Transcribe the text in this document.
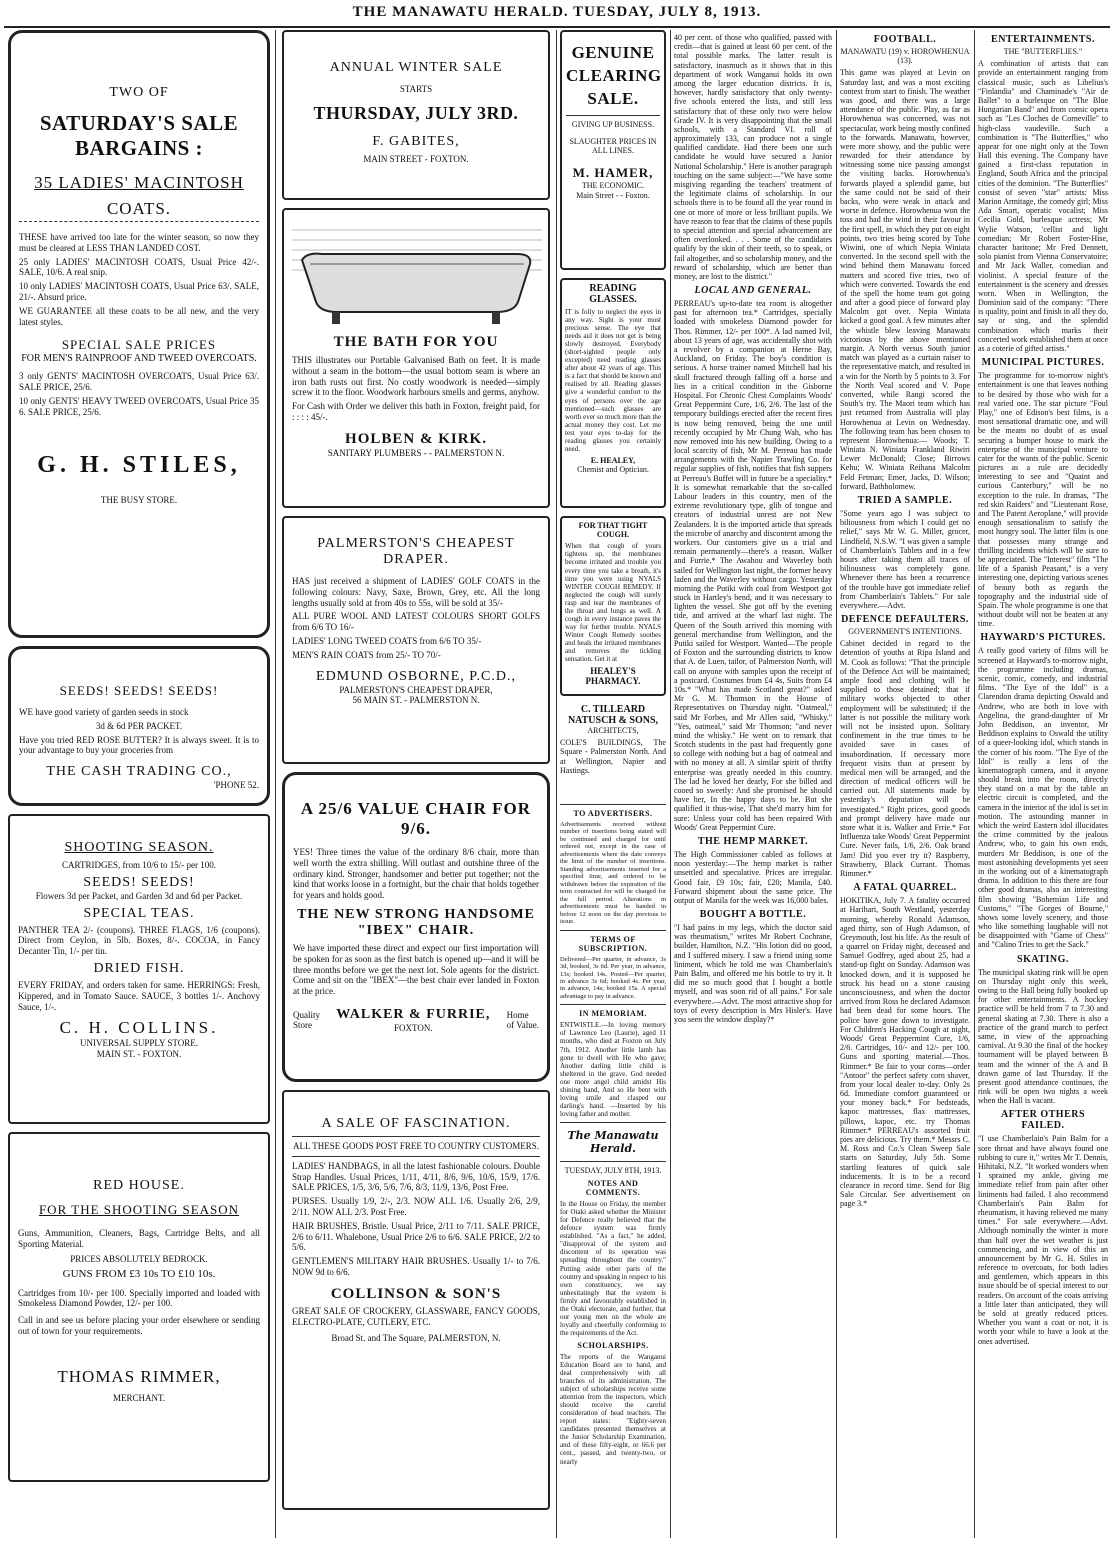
THE MANAWATU HERALD. TUESDAY, JULY 8, 1913.
TWO OF
SATURDAY'S SALE BARGAINS :
35 LADIES' MACINTOSH
COATS.

THESE have arrived too late for the winter season, so now they must be cleared at LESS THAN LANDED COST.

25 only LADIES' MACINTOSH COATS, Usual Price 42/-. SALE, 10/6. A real snip.

10 only LADIES' MACINTOSH COATS, Usual Price 63/. SALE, 21/-. Absurd price.

WE GUARANTEE all these coats to be all new, and the very latest styles.

SPECIAL SALE PRICES
FOR MEN'S RAINPROOF AND TWEED OVERCOATS.

3 only GENTS' MACINTOSH OVERCOATS, Usual Price 63/. SALE PRICE, 25/6.

10 only GENTS' HEAVY TWEED OVERCOATS, Usual Price 35 6. SALE PRICE, 25/6.

G. H. STILES,
THE BUSY STORE.
SEEDS! SEEDS! SEEDS!

WE have good variety of garden seeds in stock

3d & 6d PER PACKET.

Have you tried RED ROSE BUTTER? It is always sweet. It is to your advantage to buy your groceries from

THE CASH TRADING CO.,
'PHONE 52.
SHOOTING SEASON.
CARTRIDGES, from 10/6 to 15/- per 100.
SEEDS! SEEDS!
Flowers 3d per Packet, and Garden 3d and 6d per Packet.
SPECIAL TEAS.

PANTHER TEA 2/- (coupons). THREE FLAGS, 1/6 (coupons). Direct from Ceylon, in 5lb. Boxes, 8/-. COCOA, in Fancy Decanter Tin, 1/- per tin.

DRIED FISH.

EVERY FRIDAY, and orders taken for same. HERRINGS: Fresh, Kippered, and in Tomato Sauce. SAUCE, 3 bottles 1/-. Anchovy Sauce, 1/-.

C. H. COLLINS.
UNIVERSAL SUPPLY STORE.
MAIN ST. - FOXTON.
RED HOUSE.
FOR THE SHOOTING SEASON

Guns, Ammunition, Cleaners, Bags, Cartridge Belts, and all Sporting Material.

PRICES ABSOLUTELY BEDROCK.
GUNS FROM £3 10s TO £10 10s.

Cartridges from 10/- per 100. Specially imported and loaded with Smokeless Diamond Powder, 12/- per 100.

Call in and see us before placing your order elsewhere or sending out of town for your requirements.

THOMAS RIMMER,
MERCHANT.
ANNUAL WINTER SALE
STARTS
THURSDAY, JULY 3RD.
F. GABITES,
MAIN STREET - FOXTON.
THE BATH FOR YOU

THIS illustrates our Portable Galvanised Bath on feet. It is made without a seam in the bottom—the usual bottom seam is where an iron bath rusts out first. No costly woodwork is needed—simply screw it to the floor. Woodwork harbours smells and germs, anyhow.

For Cash with Order we deliver this bath in Foxton, freight paid, for : : : : 45/-.

HOLBEN & KIRK.
SANITARY PLUMBERS - - PALMERSTON N.
PALMERSTON'S CHEAPEST
DRAPER.

HAS just received a shipment of LADIES' GOLF COATS in the following colours: Navy, Saxe, Brown, Grey, etc. All the long lengths usually sold at from 40s to 55s, will be sold at 35/-

ALL PURE WOOL AND LATEST COLOURS SHORT GOLFS from 6/6 TO 16/-

LADIES' LONG TWEED COATS from 6/6 TO 35/-

MEN'S RAIN COATS from 25/- TO 70/-

EDMUND OSBORNE, P.C.D.,
PALMERSTON'S CHEAPEST DRAPER,
56 MAIN ST. - PALMERSTON N.
A 25/6 VALUE CHAIR FOR
9/6.

YES! Three times the value of the ordinary 8/6 chair, more than well worth the extra shilling. Will outlast and outshine three of the ordinary kind. Stronger, handsomer and better put together; not the kind that works loose in a fortnight, but the chair that holds together for years and holds good.

THE NEW STRONG HANDSOME "IBEX" CHAIR.

We have imported these direct and expect our first importation will be spoken for as soon as the first batch is opened up—and it will be three months before we get the next lot. Sole agents for the district. Come and sit on the "IBEX"—the best chair ever landed in Foxton at the price.

Quality
Store
WALKER & FURRIE,
FOXTON.
Home
of Value.
A SALE OF FASCINATION.
ALL THESE GOODS POST FREE TO COUNTRY CUSTOMERS.

LADIES' HANDBAGS, in all the latest fashionable colours. Double Strap Handles. Usual Prices, 1/11, 4/11, 8/6, 9/6, 10/6, 15/9, 17/6. SALE PRICES, 1/5, 3/6, 5/6, 7/6, 8/3, 11/9, 13/6, Post Free.

PURSES. Usually 1/9, 2/-, 2/3. NOW ALL 1/6. Usually 2/6, 2/9, 2/11. NOW ALL 2/3. Post Free.

HAIR BRUSHES, Bristle. Usual Price, 2/11 to 7/11. SALE PRICE, 2/6 to 6/11. Whalebone, Usual Price 2/6 to 6/6. SALE PRICE, 2/2 to 5/6.

GENTLEMEN'S MILITARY HAIR BRUSHES. Usually 1/- to 7/6. NOW 9d to 6/6.

COLLINSON & SON'S

GREAT SALE OF CROCKERY, GLASSWARE, FANCY GOODS, ELECTRO-PLATE, CUTLERY, ETC.

Broad St. and The Square, PALMERSTON, N.
GENUINE CLEARING SALE.
GIVING UP BUSINESS.
SLAUGHTER PRICES IN ALL LINES.
M. HAMER,
THE ECONOMIC.
Main Street - - Foxton.
READING GLASSES.

IT is folly to neglect the eyes in any way. Sight is your most precious sense. The eye that needs aid it does not get is being slowly destroyed. Everybody (short-sighted people only excepted) need reading glasses after about 42 years of age. This is a fact that should be known and realised by all. Reading glasses give a wonderful comfort to the eyes of persons over the age mentioned—such glasses are worth ever so much more than the actual money they cost. Let me test your eyes to-day for the reading glasses you certainly need.

E. HEALEY,
Chemist and Optician.
FOR THAT TIGHT COUGH.

When that cough of yours tightens up, the membranes become irritated and trouble you every time you take a breath, it's time you were using NYALS WINTER COUGH REMEDY. If neglected the cough will surely rasp and tear the membranes of the throat and lungs as well. A cough in every instance paves the way for further trouble. NYALS Winter Cough Remedy soothes and heals the irritated membranes and removes the tickling sensation. Get it at

HEALEY'S PHARMACY.
C. TILLEARD NATUSCH & SONS,
ARCHITECTS,

COLE'S BUILDINGS, The Square - Palmerston North. And at Wellington, Napier and Hastings.

TO ADVERTISERS.

Advertisements received without number of insertions being stated will be continued and charged for until ordered out, except in the case of advertisements where the date conveys the limit of the number of insertions. Standing advertisements inserted for a specified time, and ordered to be withdrawn before the expiration of the term contracted for will be charged for the full period. Alterations in advertisements must be handed in before 12 noon on the day previous to issue.

TERMS OF SUBSCRIPTION.

Delivered—Per quarter, in advance, 3s 3d, booked, 3s 6d. Per year, in advance, 13s; booked 14s. Posted—Per quarter, in advance 3s 6d; booked 4s. Per year, in advance, 14s; booked 15s. A special advantage to pay in advance.

IN MEMORIAM.

ENTWISTLE.—In loving memory of Lawrence Leo (Laurie), aged 11 months, who died at Foxton on July 7th, 1912. Another little lamb has gone to dwell with He who gave; Another darling little child is sheltered in the grave. God needed one more angel child amidst His shining band, And so He bent with loving smile and clasped our darling's hand. —Inserted by his loving father and mother.

The Manawatu Herald.
TUESDAY, JULY 8TH, 1913.
NOTES AND COMMENTS.

In the House on Friday, the member for Otaki asked whether the Minister for Defence really believed that the defence system was firmly established. "As a fact," he added, "disapproval of the system and discontent of its operation was spreading throughout the country." Putting aside other parts of the country and speaking in respect to his own constituency, we say unhesitatingly that the system is firmly and favourably established in the Otaki electorate, and further, that our young men on the whole are loyally and cheerfully conforming to the requirements of the Act.

SCHOLARSHIPS.

The reports of the Wanganui Education Board are to hand, and deal comprehensively with all branches of its administration. The subject of scholarships receive some attention from the inspectors, which should receive the careful consideration of head teachers. The report states: "Eighty-seven candidates presented themselves at the Junior Scholarship Examination, and of these fifty-eight, or 66.6 per cent., passed, and twenty-two, or nearly

40 per cent. of those who qualified, passed with credit—that is gained at least 60 per cent. of the total possible marks. The latter result is satisfactory, inasmuch as it shows that in this department of work Wanganui holds its own among the larger education districts. It is, however, hardly satisfactory that only twenty-five schools entered the lists, and still less satisfactory that of these only two were below Grade IV. It is very disappointing that the small schools, with a Standard VI. roll of approximately 133, can produce not a single qualified candidate. Had there been one such candidate he would have secured a Junior National Scholarship." Here is another paragraph touching on the same subject:—"We have some misgiving regarding the teachers' treatment of the legitimate claims of scholarship. In our schools there is to be found all the year round in one or more of more or less brilliant pupils. We have reason to fear that the claims of these pupils to special attention and special advancement are often overlooked. . . . Some of the candidates qualify by the skin of their teeth, so to speak, or fail altogether, and so scholarship money, and the reward of scholarship, which are better than money, are lost to the district."

LOCAL AND GENERAL.

PERREAU's up-to-date tea room is altogether past for afternoon tea.* Cartridges, specially loaded with smokeless Diamond powder for Thos. Rimmer, 12/- per 100*. A lad named Ivil, about 13 years of age, was accidentally shot with a revolver by a companion at Herne Bay, Auckland, on Friday. The boy's condition is serious. A horse trainer named Mitchell had his skull fractured through falling off a horse and lies in a critical condition in the Gisborne Hospital. For Chronic Chest Complaints Woods' Great Peppermint Cure, 1/6, 2/6. The last of the temporary buildings erected after the recent fires is now being removed, being the one until recently occupied by Mr Chung Wah, who has now removed into his new building. Owing to a local scarcity of fish, Mr M. Perreau has made arrangements with the Napier Trawling Co. for regular supplies of fish, notifies that fish suppers at Perreau's Buffet will in future be a speciality.* It is somewhat remarkable that the so-called Labour leaders in this country, men of the extreme revolutionary type, glib of tongue and creators of industrial unrest are not New Zealanders. It is the imported article that spreads the microbe of anarchy and discontent among the workers. Our customers give us a trial and remain permanently—there's a reason. Walker and Furrie.* The Awahou and Waverley both sailed for Wellington last night, the former heavy laden and the Waverley without cargo. Yesterday morning the Putiki with coal from Westport got stuck in Hartley's bend, and it was necessary to lighten the vessel. She got off by the evening tide, and arrived at the wharf last night. The Queen of the South arrived this morning with general merchandise from Wellington, and the Putiki sailed for Westport. Wanted—The people of Foxton and the surrounding districts to know that A. de Luen, tailor, of Palmerston North, will call on anyone with samples upon the receipt of a postcard. Costumes from £4 4s, Suits from £4 10s.* "What has made Scotland great?" asked Mr G. M. Thomson in the House of Representatives on Thursday night. "Oatmeal," said Mr Forbes, and Mr Allen said, "Whisky." "Yes, oatmeal," said Mr Thomson; "and never mind the whisky." He went on to remark that Scotch students in the past had frequently gone to college with nothing but a bag of oatmeal and with no money at all. A similar spirit of thrifty enterprise was greatly needed in this country. The lad he loved her dearly, For she billed and cooed so sweetly: And she promised he should have her, In the happy days to be. But she qualified it thus-wise, That she'd marry him for sure: Unless your cold has been repaired With Woods' Great Peppermint Cure.

THE HEMP MARKET.

The High Commissioner cabled as follows at noon yesterday:—The hemp market is rather unsettled and speculative. Prices are irregular. Good fair, £9 10s; fair, £20; Manila, £40. Forward shipment about the same price. The output of Manila for the week was 16,000 bales.

BOUGHT A BOTTLE.

"I had pains in my legs, which the doctor said was rheumatism," writes Mr Robert Cochrane, builder, Hamilton, N.Z. "His lotion did no good, and I suffered misery. I saw a friend using some liniment, which he told me was Chamberlain's Pain Balm, and offered me his bottle to try it. It did me so much good that I bought a bottle myself, and was soon rid of all pains." For sale everywhere.—Advt. The most attractive shop for toys of every description is Mrs Hisler's. Have you seen the window display?*

FOOTBALL.
MANAWATU (19) v. HOROWHENUA (13).

This game was played at Levin on Saturday last, and was a most exciting contest from start to finish. The weather was good, and there was a large attendance of the public. Play, as far as Horowhenua was concerned, was not spectacular, work being mostly confined to the forwards. Manawatu, however, were more showy, and the public were rewarded for their attendance by witnessing some nice passing amongst the visiting backs. Horowhenua's forwards played a splendid game, but the same could not be said of their backs, who were weak in attack and worse in defence. Horowhenua won the toss and had the wind in their favour in the first spell, in which they put on eight points, two tries being scored by Tohe Wiwini, one of which Nepia Winiata converted. In the second spell with the wind behind them Manawatu forced matters and scored five tries, two of which were converted. Towards the end of the spell the home team got going and after a good piece of forward play Malcolm got over. Nepia Winiata kicked a good goal. A few minutes after the whistle blew leaving Manawatu victorious by the above mentioned margin. A North versus South junior match was played as a curtain raiser to the representative match, and resulted in a win for the North by 5 points to 3. For the North Veal scored and V. Pope converted, while Rangi scored the South's try. The Maori team which has just returned from Australia will play Horowhenua at Levin on Wednesday. The following team has been chosen to represent Horowhenua:— Woods; T. Winiata N. Winiata Frankland Riwiri Lewer McDonald; Close; Birrows Kehu; W. Winiata Reihana Malcolm Feld Fetman; Emer, Jacks, D. Wilson; forward, Bathholomew.

TRIED A SAMPLE.

"Some years ago I was subject to biliousness from which I could get no relief," says Mr W. G. Miller, grocer, Lindfield, N.S.W. "I was given a sample of Chamberlain's Tablets and in a few hours after taking them all traces of biliousness was completely gone. Whenever there has been a recurrence of the trouble have got immediate relief from Chamberlain's Tablets." For sale everywhere.—Advt.

DEFENCE DEFAULTERS.
GOVERNMENT'S INTENTIONS.

Cabinet decided in regard to the detention of youths at Ripa Island and M. Cook as follows: "That the principle of the Defence Act will be maintained; ample food and clothing will be supplied to those detained; that if military works objected to other employment will be substituted; if the latter is not possible the military work will not be insisted upon. Solitary confinement in the true times to be avoided save in cases of insubordination. If necessary more frequent visits than at present by medical men will be arranged, and the direction of medical officers will be carried out. All statements made by yesterday's deputation will be investigated." Right prices, good goods and prompt delivery have made our store what it is. Walker and Frrie.* For Influenza take Woods' Great Peppermint Cure. Never fails, 1/6, 2/6. Oak brand Jam! Did you ever try it? Raspberry, Strawberry, Black Currant. Thomas Rimmer.*

A FATAL QUARREL.

HOKITIKA, July 7. A fatality occurred at Harihari, South Westland, yesterday morning, whereby Ronald Adamson, aged thirty, son of Hugh Adamson, of Greymouth, lost his life. As the result of a quarrel on Friday night, deceased and Samuel Godfrey, aged about 25, had a stand-up fight on Sunday. Adamson was knocked down, and it is supposed he struck his head on a stone causing unconsciousness, and when the doctor arrived from Ross he declared Adamson had been dead for some hours. The police have gone down to investigate. For Children's Hacking Cough at night, Woods' Great Peppermint Cure, 1/6, 2/6. Cartridges, 10/- and 12/- per 100. Guns and sporting material.—Thos. Rimmer.* Be fair to your corns—order "Antoor" the perfect safety corn shaver, from your local dealer to-day. Only 2s 6d. Immediate comfort guaranteed or your money back.* For bedsteads, kapoc mattresses, flax mattresses, pillows, kapoc, etc. try Thomas Rimmer.* PERREAU's assorted fruit pies are delicious. Try them.* Messrs C. M. Ross and Co.'s Clean Sweep Sale starts on Saturday, July 5th. Some startling features of quick sale inducements. It is to be a record clearance in record time. Send for Big Sale Circular. See advertisement on page 3.*

ENTERTAINMENTS.
THE "BUTTERFLIES."

A combination of artists that can provide an entertainment ranging from classical music, such as Libelius's "Finlandia" and Chaminade's "Air de Ballet" to a burlesque on "The Blue Hungarian Band" and from comic opera such as "Les Cloches de Corneville" to high-class vaudeville. Such a combination is "The Butterflies," who appear for one night only at the Town Hall this evening. The Company have gained a first-class reputation in England, South Africa and the principal cities of the dominion. "The Butterflies" consist of seven "star" artists: Miss Marion Armitage, the comedy girl; Miss Ada Smart, operatic vocalist; Miss Cecilia Gold, burlesque actress; Mr Wylie Watson, 'cellist and light comedian; Mr Robert Foster-Hise, character baritone; Mr Fred Dennett, solo pianist from Vienna Conservatoire; and Mr Jack Waller, comedian and violinist. A special feature of the entertainment is the scenery and dresses worn. When in Wellington, the Dominion said of the company: "There is quality, point and finish in all they do, say or sing, and the splendid combination which marks their concerted work established them at once as a coterie of gifted artists."

MUNICIPAL PICTURES.

The programme for to-morrow night's entertainment is one that leaves nothing to be desired by those who wish for a real varied one. The star picture "Foul Play," one of Edison's best films, is a most sensational dramatic one, and will be the means no doubt of as usual securing a bumper house to mark the enterprise of the municipal venture to cater for the wants of the public. Scenic pictures as a rule are decidedly interesting to see and "Quaint and curious Canterbury," will be no exception to the rule. In dramas, "The red skin Raiders" and "Lieutenant Rose, and The Patent Aeroplane," will provide enough sensationalism to satisfy the most hungry soul. The latter film is one that possesses many strange and thrilling incidents which will be sure to be appreciated. The "Interest" film "The life of a Spanish Peasant," is a very interesting one, depicting various scenes of beauty both as regards the topography and the industrial side of Spain. The whole programme is one that without doubt will not be beaten at any time.

HAYWARD'S PICTURES.

A really good variety of films will be screened at Hayward's to-morrow night, the programme including dramas, scenic, comic, comedy, and industrial films. "The Eye of the Idol" is a Clarendon drama depicting Oswald and Andrew, who are both in love with Angelina, the grand-daughter of Mr John Beddison, an inventor, Mr Beddison explains to Oswald the utility of a queer-looking idol, which stands in the corner of his room. "The Eye of the Idol" is really a lens of the kinematograph camera, and it anyone should break into the room, directly they stand on a mat by the table an electric circuit is completed, and the camera in the interior of the idol is set in motion. The astounding manner in which the weird Eastern idol illucidates the crime committed by the jealous Andrew, who, to gain his own ends, murders Mr Beddison, is one of the most astonishing developments yet seen in the working out of a kinematograph drama. In addition to this there are four other good dramas, also an interesting film showing "Bohemian Life and Customs," "The Gorges of Bourne," shows some lovely scenery, and those who like something laughable will not be disappointed with "Game of Chess" and "Calino Tries to get the Sack."

SKATING.

The municipal skating rink will be open on Thursday night only this week, owing to the Hall being fully booked up for other entertainments. A hockey practice will be held from 7 to 7.30 and general skating at 7.30. There is also a practice of the grand march to perfect same, in view of the approaching carnival. At 9.30 the final of the hockey tournament will be played between B team and the winner of the A and B drawn game of last Thursday. If the present good attendance continues, the rink will be open two nights a week when the Hall is vacant.

AFTER OTHERS FAILED.

"I use Chamberlain's Pain Balm for a sore throat and have always found one rubbing to cure it," writes Mr T. Dennis, Hihitaki, N.Z. "It worked wonders when I sprained my ankle, giving me immediate relief from pain after other liniments had failed. I also recommend Chamberlain's Pain Balm for rheumatism, it having relieved me many times." For sale everywhere.—Advt. Although nominally the winter is more than half over the wet weather is just commencing, and in view of this an announcement by Mr G. H. Stiles in reference to overcoats, for both ladies and gentlemen, which appears in this issue should be of special interest to our readers. On account of the coats arriving a little later than anticipated, they will be sold at greatly reduced prices. Whether you want a coat or not, it is worth your while to have a look at the ones advertised.
